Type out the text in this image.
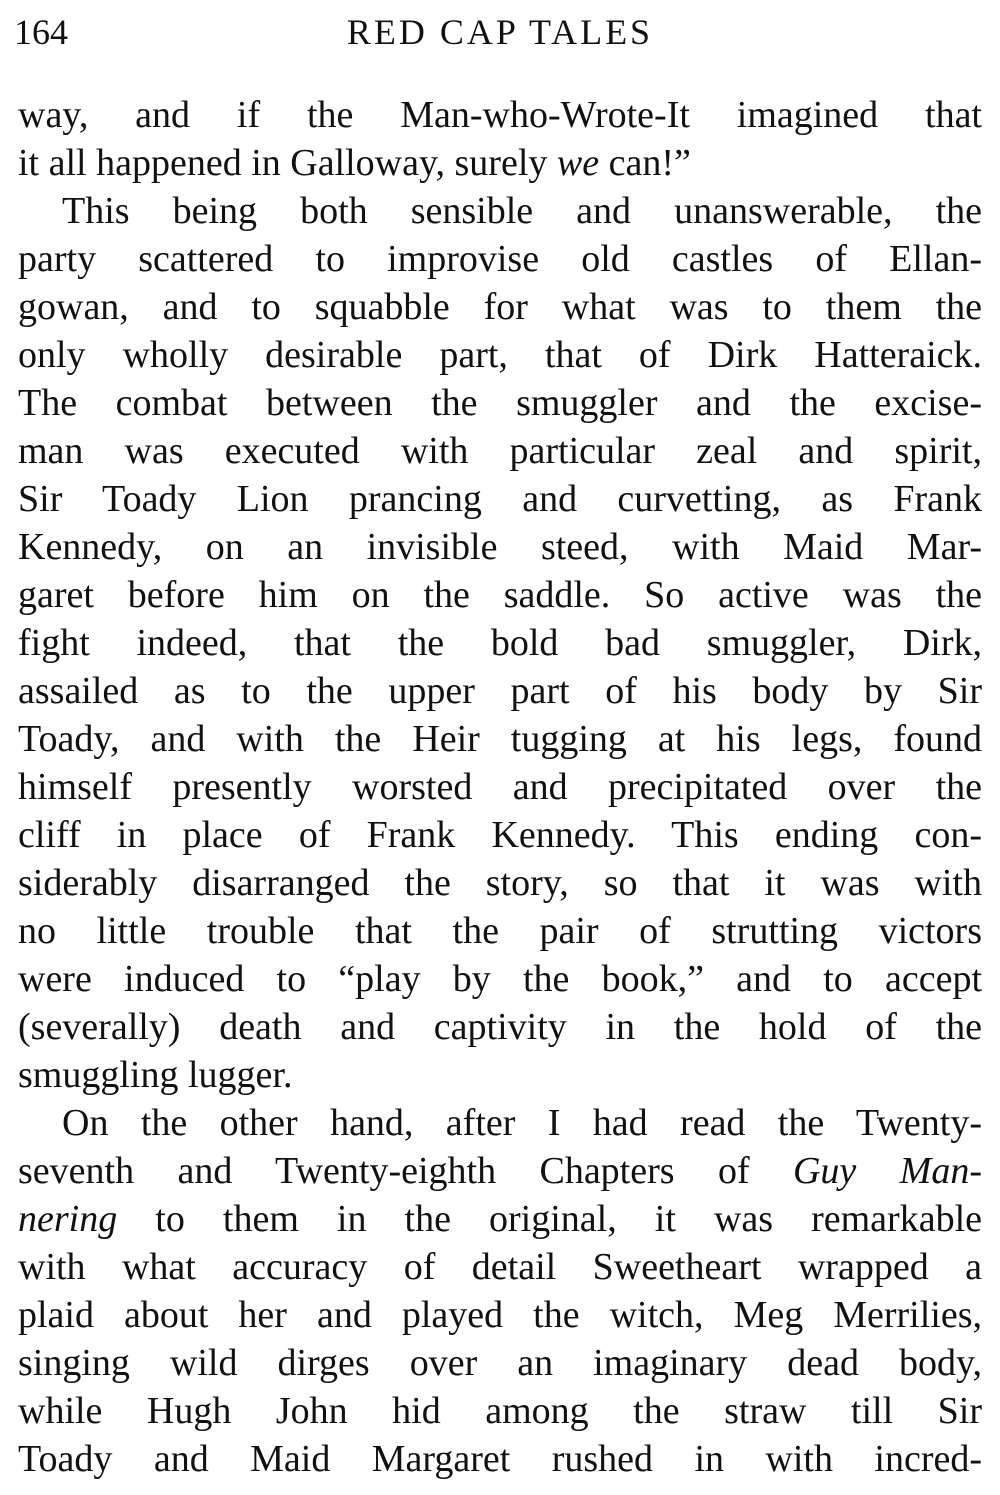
164	RED CAP TALES
way, and if the Man-who-Wrote-It imagined that
it all happened in Galloway, surely we can!”
This being both sensible and unanswerable, the
party scattered to improvise old castles of Ellan-
gowan, and to squabble for what was to them the
only wholly desirable part, that of Dirk Hatteraick.
The combat between the smuggler and the excise-
man was executed with particular zeal and spirit,
Sir Toady Lion prancing and curvetting, as Frank
Kennedy, on an invisible steed, with Maid Mar-
garet before him on the saddle. So active was the
fight indeed, that the bold bad smuggler, Dirk,
assailed as to the upper part of his body by Sir
Toady, and with the Heir tugging at his legs, found
himself presently worsted and precipitated over the
cliff in place of Frank Kennedy. This ending con-
siderably disarranged the story, so that it was with
no little trouble that the pair of strutting victors
were induced to “play by the book,” and to accept
(severally) death and captivity in the hold of the
smuggling lugger.
On the other hand, after I had read the Twenty-
seventh and Twenty-eighth Chapters of Guy Man-
nering to them in the original, it was remarkable
with what accuracy of detail Sweetheart wrapped a
plaid about her and played the witch, Meg Merrilies,
singing wild dirges over an imaginary dead body,
while Hugh John hid among the straw till Sir
Toady and Maid Margaret rushed in with incred-
